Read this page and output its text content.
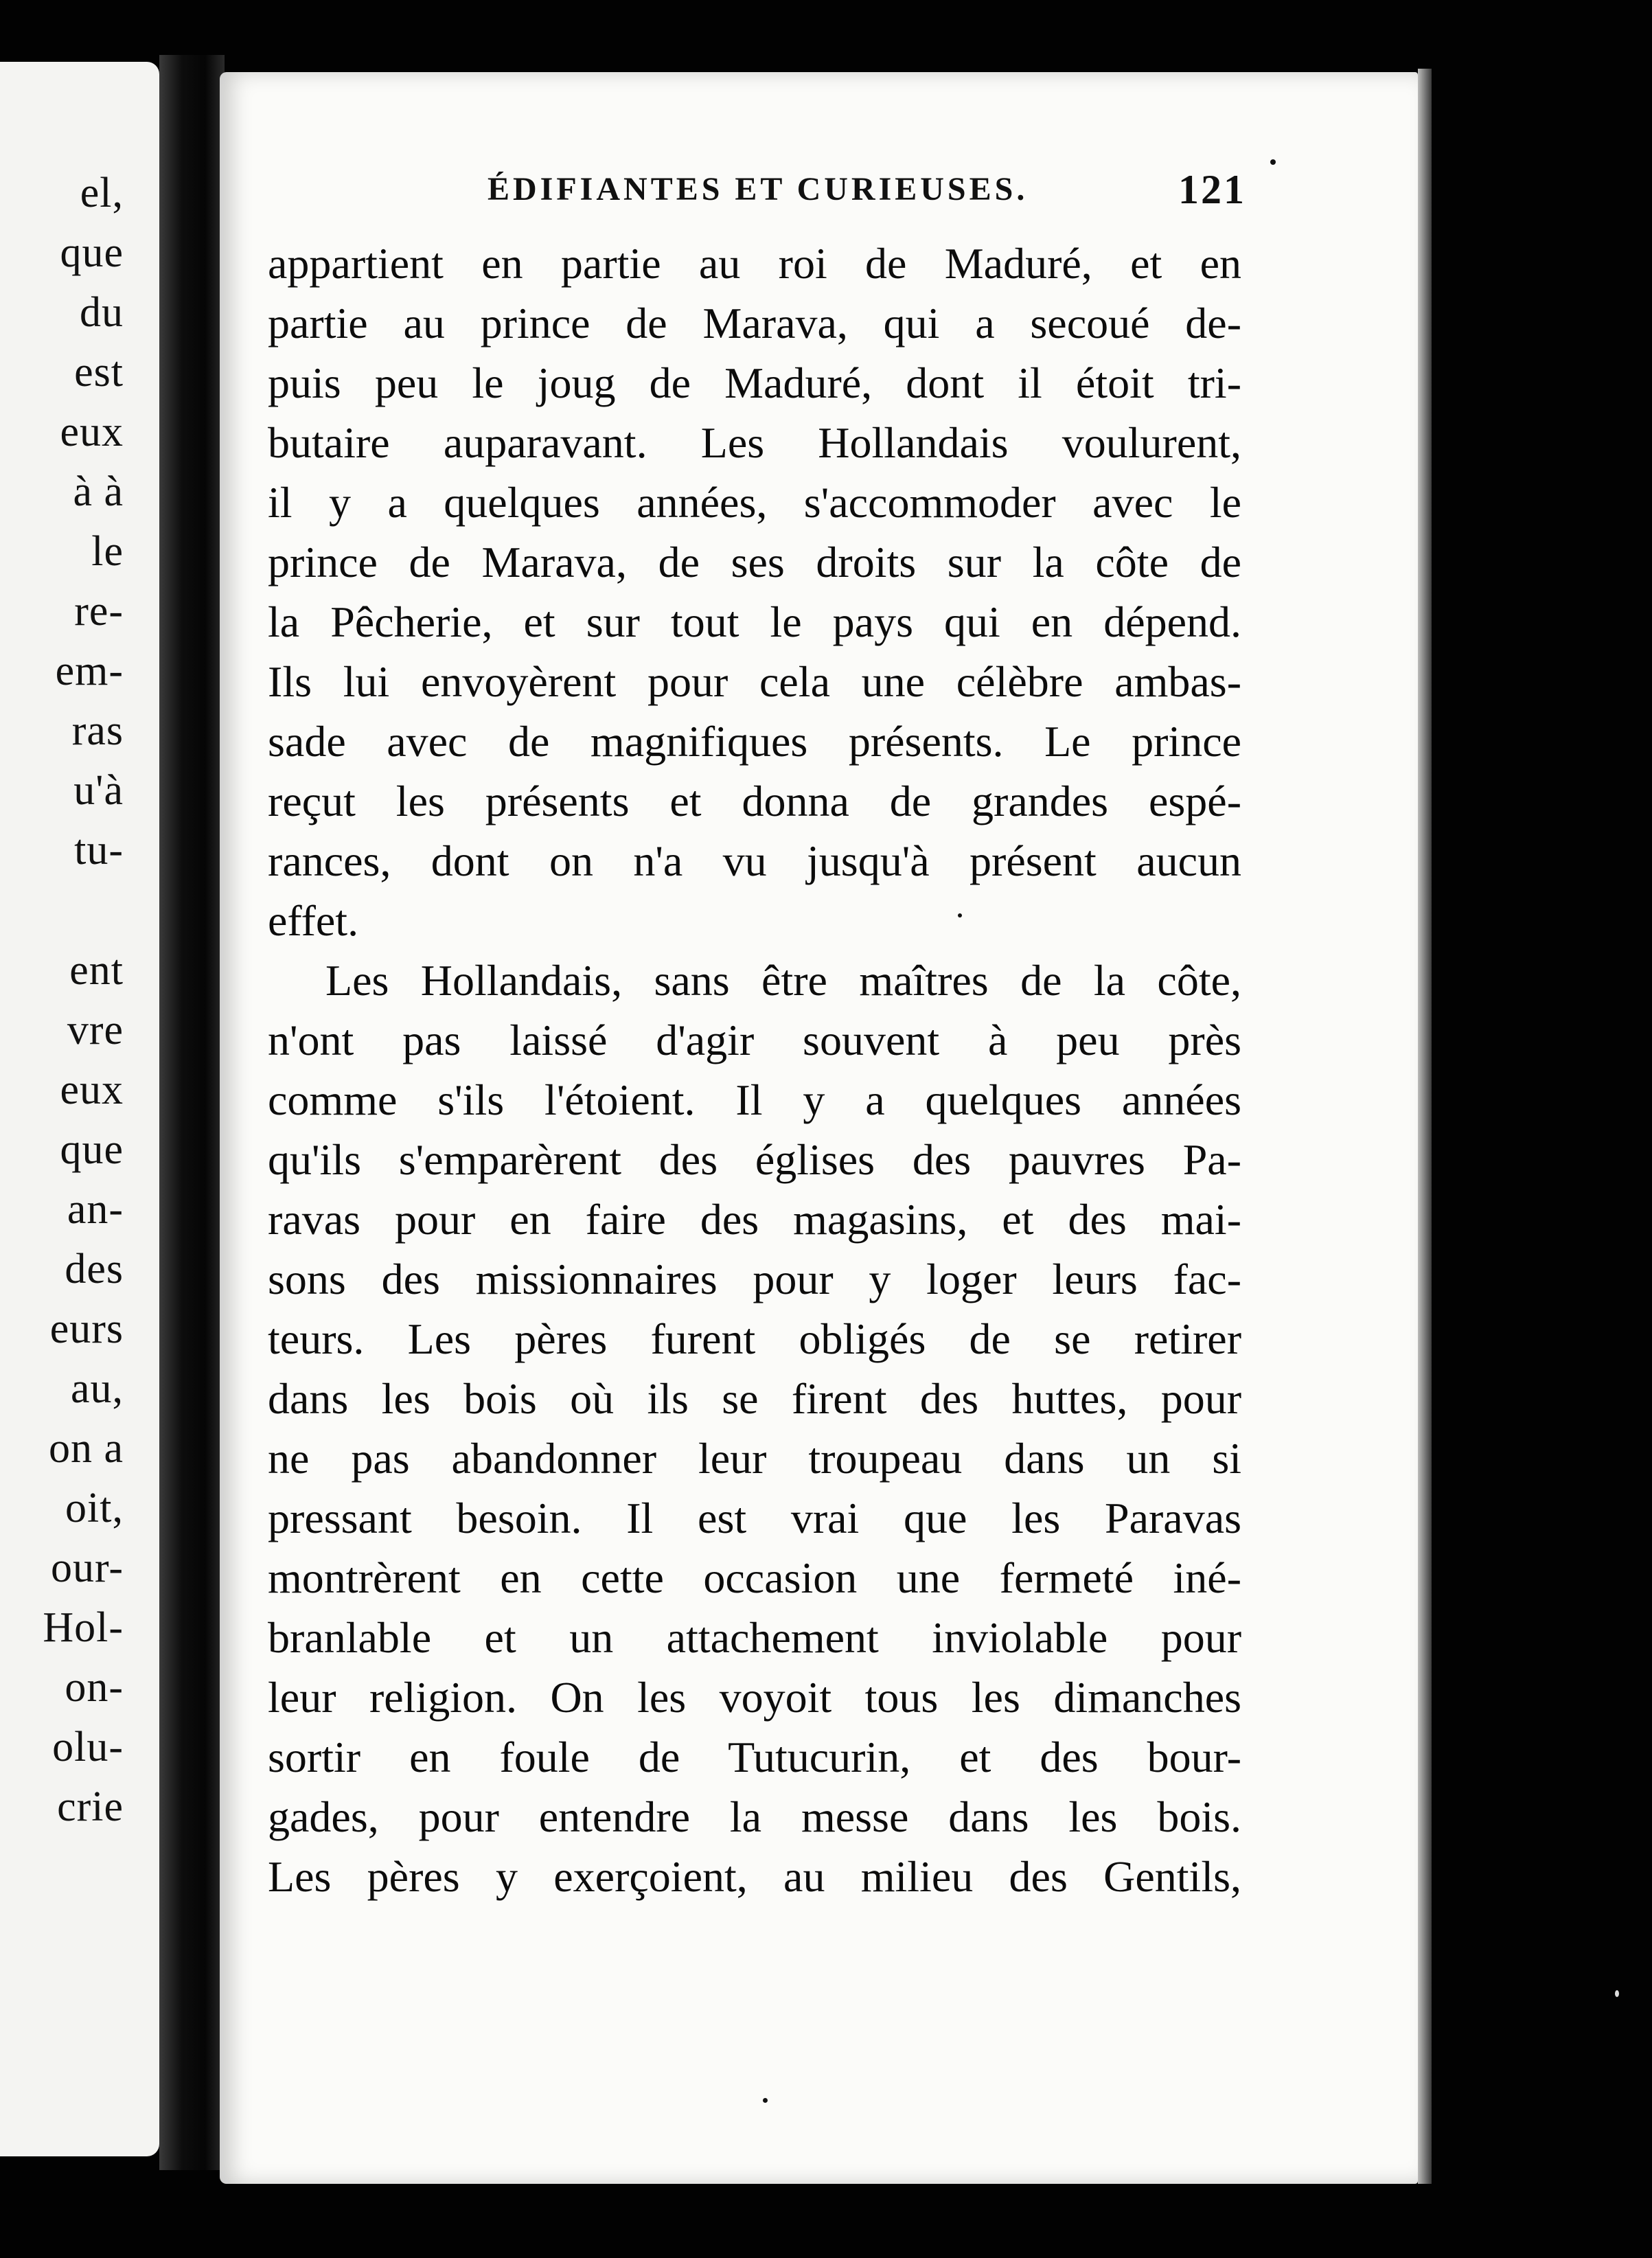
el,
que
du
est
eux
à à
le
re-
em-
ras
u'à
tu-
ent
vre
eux
que
an-
des
eurs
au,
on a
oit,
our-
Hol-
on-
olu-
crie
ÉDIFIANTES ET CURIEUSES.	121
appartient en partie au roi de Maduré, et en
partie au prince de Marava, qui a secoué de-
puis peu le joug de Maduré, dont il étoit tri-
butaire auparavant. Les Hollandais voulurent,
il y a quelques années, s'accommoder avec le
prince de Marava, de ses droits sur la côte de
la Pêcherie, et sur tout le pays qui en dépend.
Ils lui envoyèrent pour cela une célèbre ambas-
sade avec de magnifiques présents. Le prince
reçut les présents et donna de grandes espé-
rances, dont on n'a vu jusqu'à présent aucun
effet.
Les Hollandais, sans être maîtres de la côte,
n'ont pas laissé d'agir souvent à peu près
comme s'ils l'étoient. Il y a quelques années
qu'ils s'emparèrent des églises des pauvres Pa-
ravas pour en faire des magasins, et des mai-
sons des missionnaires pour y loger leurs fac-
teurs. Les pères furent obligés de se retirer
dans les bois où ils se firent des huttes, pour
ne pas abandonner leur troupeau dans un si
pressant besoin. Il est vrai que les Paravas
montrèrent en cette occasion une fermeté iné-
branlable et un attachement inviolable pour
leur religion. On les voyoit tous les dimanches
sortir en foule de Tutucurin, et des bour-
gades, pour entendre la messe dans les bois.
Les pères y exerçoient, au milieu des Gentils,
